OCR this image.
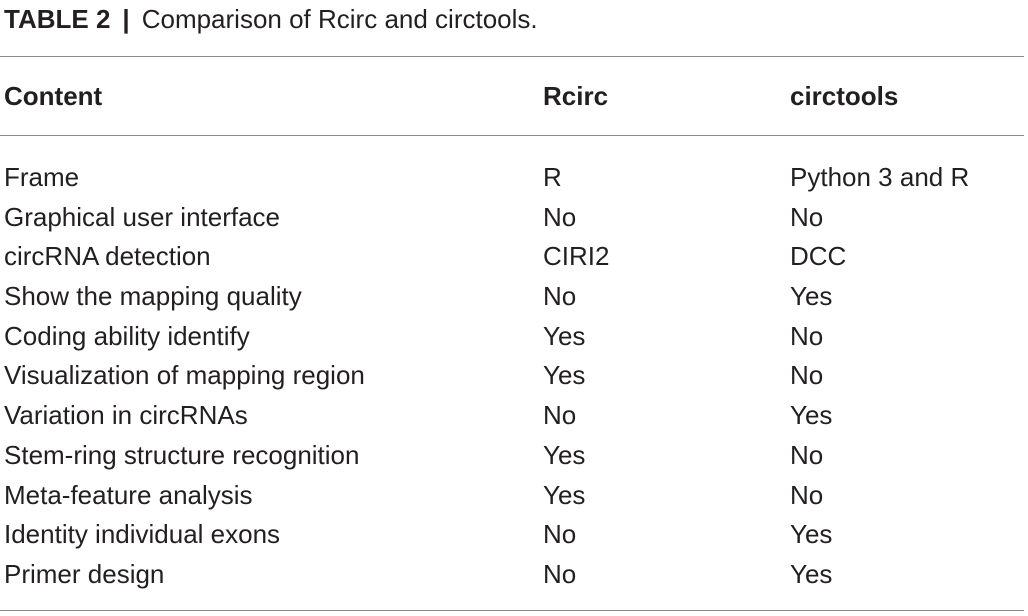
TABLE 2 | Comparison of Rcirc and circtools.
Content	Rcirc	circtools
Frame	R	Python 3 and R
Graphical user interface	No	No
circRNA detection	CIRI2	DCC
Show the mapping quality	No	Yes
Coding ability identify	Yes	No
Visualization of mapping region	Yes	No
Variation in circRNAs	No	Yes
Stem-ring structure recognition	Yes	No
Meta-feature analysis	Yes	No
Identity individual exons	No	Yes
Primer design	No	Yes
